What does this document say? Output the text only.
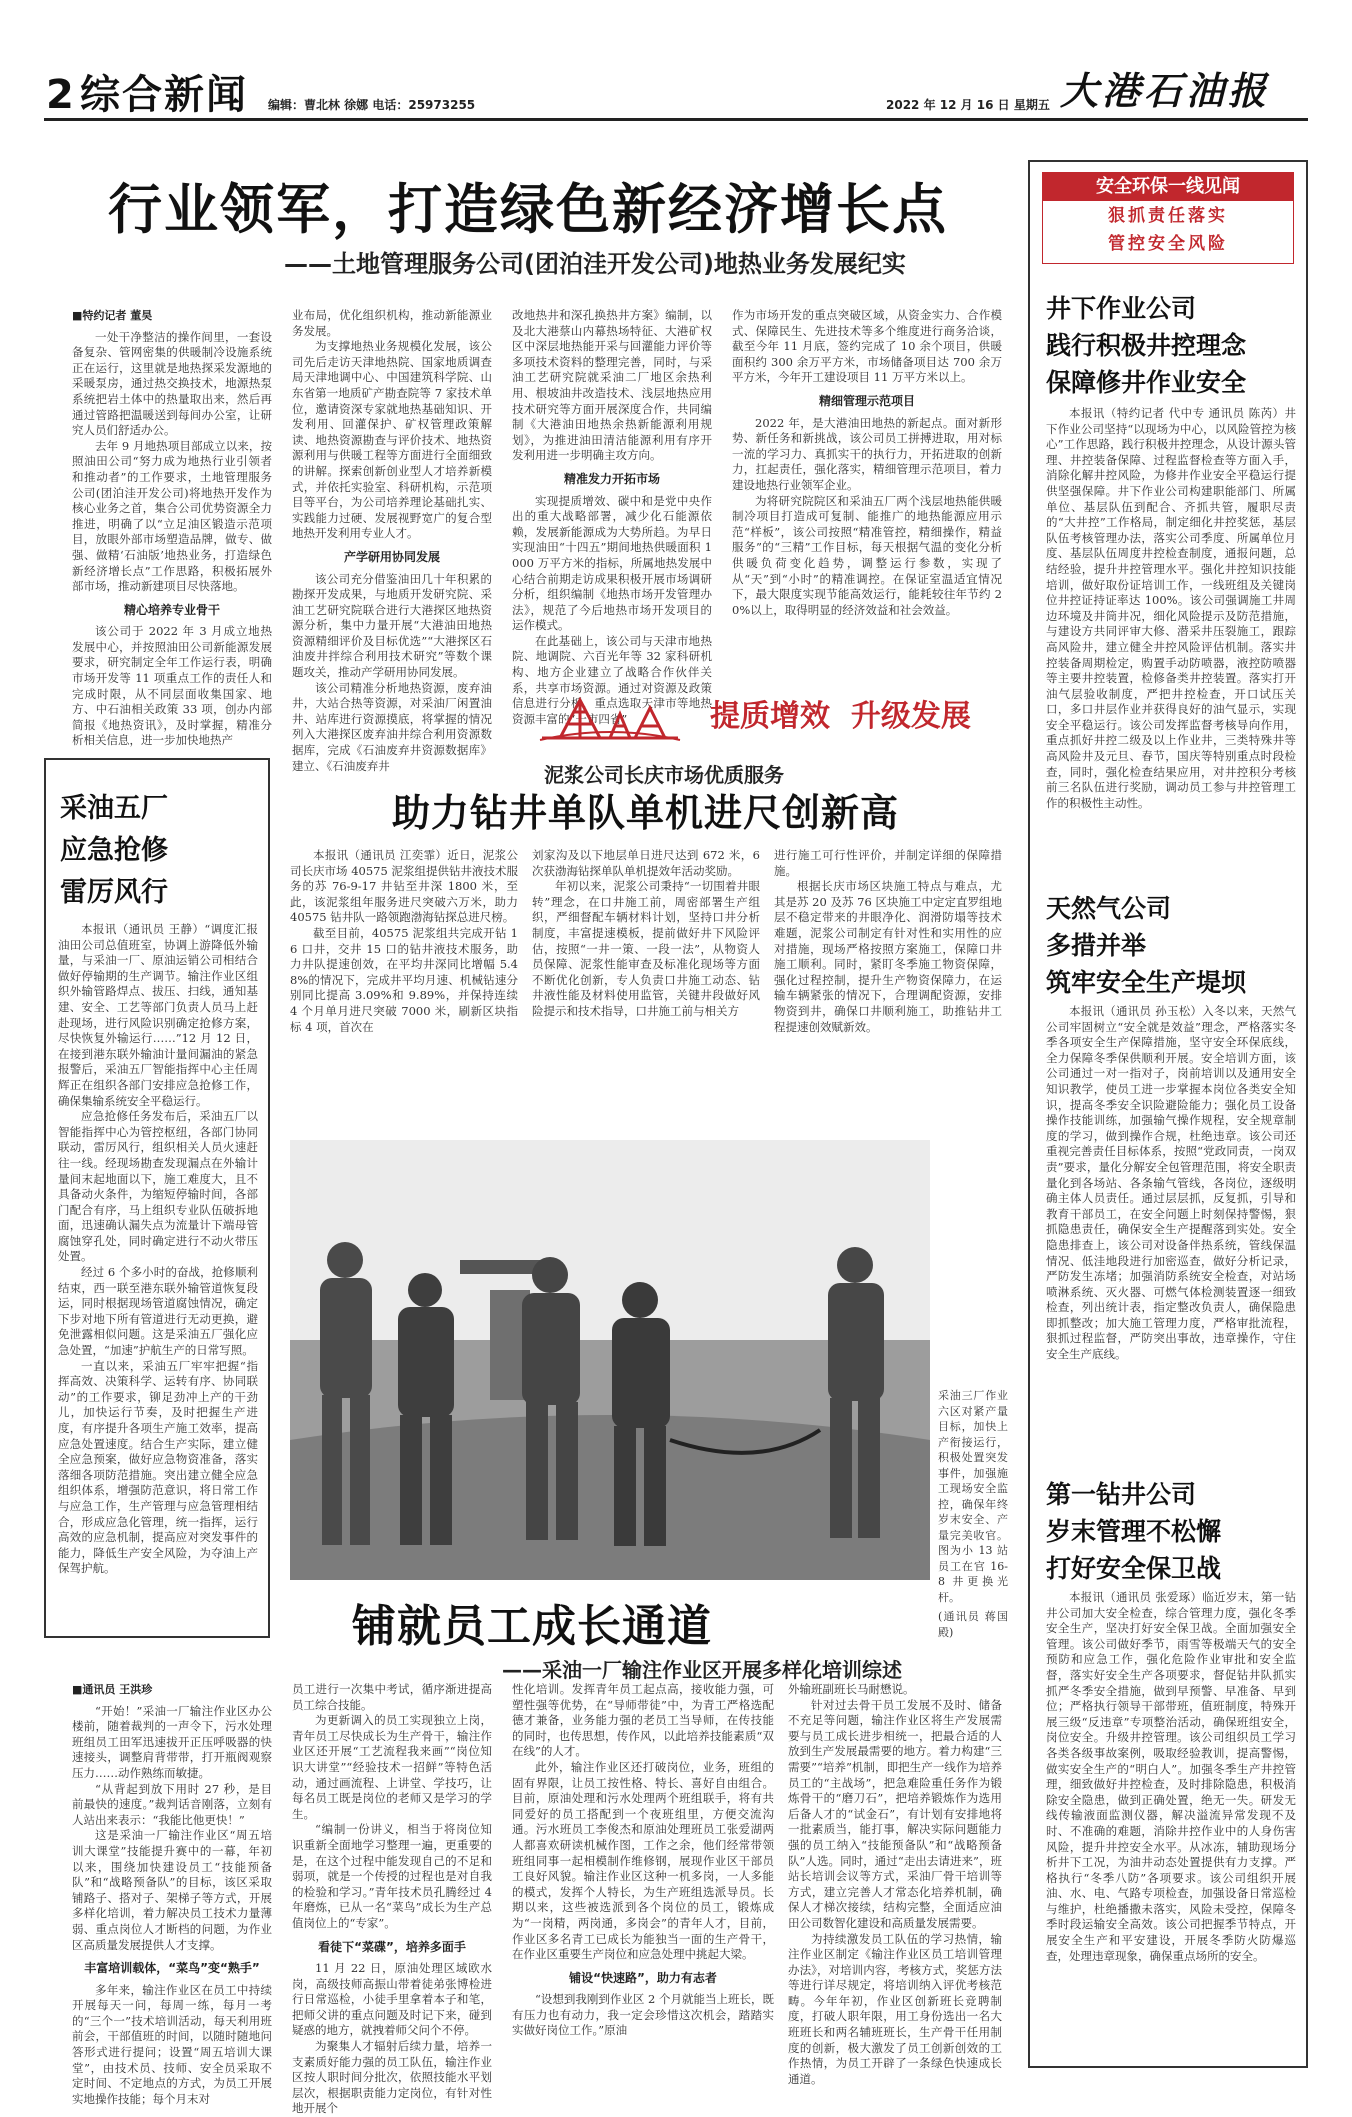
2 综合新闻 编辑：曹北林 徐娜 电话：25973255	2022 年 12 月 16 日 星期五 大港石油报
行业领军，打造绿色新经济增长点
——土地管理服务公司(团泊洼开发公司)地热业务发展纪实
■特约记者 董昊

一处干净整洁的操作间里，一套设备复杂、管网密集的供暖制冷设施系统正在运行，这里就是地热探采发源地的采暖泵房，通过热交换技术，地源热泵系统把岩土体中的热量取出来，然后再通过管路把温暖送到每间办公室，让研究人员们舒适办公。

去年 9 月地热项目部成立以来，按照油田公司“努力成为地热行业引领者和推动者”的工作要求，土地管理服务公司(团泊洼开发公司)将地热开发作为核心业务之首，集合公司优势资源全力推进，明确了以“立足油区锻造示范项目，放眼外部市场塑造品牌，做专、做强、做精‘石油版’地热业务，打造绿色新经济增长点”工作思路，积极拓展外部市场，推动新建项目尽快落地。

精心培养专业骨干

该公司于 2022 年 3 月成立地热发展中心，并按照油田公司新能源发展要求，研究制定全年工作运行表，明确市场开发等 11 项重点工作的责任人和完成时限，从不同层面收集国家、地方、中石油相关政策 33 项，创办内部简报《地热资讯》，及时掌握，精准分析相关信息，进一步加快地热产

业布局，优化组织机构，推动新能源业务发展。

为支撑地热业务规模化发展，该公司先后走访天津地热院、国家地质调查局天津地调中心、中国建筑科学院、山东省第一地质矿产勘查院等 7 家技术单位，邀请资深专家就地热基础知识、开发利用、回灌保护、矿权管理政策解读、地热资源勘查与评价技术、地热资源利用与供暖工程等方面进行全面细致的讲解。探索创新创业型人才培养新模式，并依托实验室、科研机构，示范项目等平台，为公司培养理论基础扎实、实践能力过硬、发展视野宽广的复合型地热开发利用专业人才。

产学研用协同发展

该公司充分借鉴油田几十年积累的勘探开发成果，与地质开发研究院、采油工艺研究院联合进行大港探区地热资源分析，集中力量开展“大港油田地热资源精细评价及目标优选”“大港探区石油废井拌综合利用技术研究”等数个课题攻关，推动产学研用协同发展。

该公司精准分析地热资源，废弃油井，大站合热等资源，对采油厂闲置油井、站库进行资源摸底，将掌握的情况列入大港探区废弃油井综合利用资源数据库，完成《石油废弃井资源数据库》建立、《石油废弃井

改地热井和深孔换热井方案》编制，以及北大港蔡山内幕热场特征、大港矿权区中深层地热能开采与回灌能力评价等多项技术资料的整理完善，同时，与采油工艺研究院就采油二厂地区余热利用、根坡油井改造技术、浅层地热应用技术研究等方面开展深度合作，共同编制《大港油田地热余热新能源利用规划》，为推进油田清洁能源利用有序开发利用进一步明确主攻方向。

精准发力开拓市场

实现提质增效、碳中和是党中央作出的重大战略部署，减少化石能源依赖，发展新能源成为大势所趋。为早日实现油田“十四五”期间地热供暖面积 1000 万平方米的指标，所属地热发展中心结合前期走访成果积极开展市场调研分析，组织编制《地热市场开发管理办法》，规范了今后地热市场开发项目的运作模式。

在此基础上，该公司与天津市地热院、地调院、六百光年等 32 家科研机构、地方企业建立了战略合作伙伴关系，共享市场资源。通过对资源及政策信息进行分析，重点选取天津市等地热资源丰富的“一市四省”

作为市场开发的重点突破区域，从资金实力、合作模式、保障民生、先进技术等多个维度进行商务洽谈，截至今年 11 月底，签约完成了 10 余个项目，供暖面积约 300 余万平方米，市场储备项目达 700 余万平方米，今年开工建设项目 11 万平方米以上。

精细管理示范项目

2022 年，是大港油田地热的新起点。面对新形势、新任务和新挑战，该公司员工拼搏进取，用对标一流的学习力、真抓实干的执行力，开拓进取的创新力，扛起责任，强化落实，精细管理示范项目，着力建设地热行业领军企业。

为将研究院院区和采油五厂两个浅层地热能供暖制冷项目打造成可复制、能推广的地热能源应用示范“样板”，该公司按照“精准管控，精细操作，精益服务”的“三精”工作目标，每天根据气温的变化分析供暖负荷变化趋势，调整运行参数，实现了从“天”到“小时”的精准调控。在保证室温适宜情况下，最大限度实现节能高效运行，能耗较往年节约 20%以上，取得明显的经济效益和社会效益。

提质增效  升级发展
采油五厂
应急抢修
雷厉风行

本报讯（通讯员 王静）“调度汇报油田公司总值班室，协调上游降低外输量，与采油一厂、原油运销公司相结合做好停输期的生产调节。输注作业区组织外输管路焊点、拔压、扫线，通知基建、安全、工艺等部门负责人员马上赶赴现场，进行风险识别确定抢修方案，尽快恢复外输运行……”12 月 12 日，在接到港东联外输油计量间漏油的紧急报警后，采油五厂智能指挥中心主任周辉正在组织各部门安排应急抢修工作，确保集输系统安全平稳运行。

应急抢修任务发布后，采油五厂以智能指挥中心为管控枢纽，各部门协同联动，雷厉风行，组织相关人员火速赶往一线。经现场勘查发现漏点在外输计量间末起地面以下，施工难度大，且不具备动火条件，为缩短停输时间，各部门配合有序，马上组织专业队伍破拆地面，迅速确认漏失点为流量计下端母管腐蚀穿孔处，同时确定进行不动火带压处置。

经过 6 个多小时的奋战，抢修顺利结束，西一联至港东联外输管道恢复段运，同时根据现场管道腐蚀情况，确定下步对地下所有管道进行无动更换，避免泄露相似问题。这是采油五厂强化应急处置，“加速”护航生产的日常写照。

一直以来，采油五厂牢牢把握“指挥高效、决策科学、运转有序、协同联动”的工作要求，铆足劲冲上产的干劲儿，加快运行节奏，及时把握生产进度，有序提升各项生产施工效率，提高应急处置速度。结合生产实际，建立健全应急预案，做好应急物资准备，落实落细各项防范措施。突出建立健全应急组织体系，增强防范意识，将日常工作与应急工作，生产管理与应急管理相结合，形成应急化管理，统一指挥，运行高效的应急机制，提高应对突发事件的能力，降低生产安全风险，为夺油上产保驾护航。

泥浆公司长庆市场优质服务
助力钻井单队单机进尺创新高

本报讯（通讯员 江奕霏）近日，泥浆公司长庆市场 40575 泥浆组提供钻井液技术服务的苏 76-9-17 井钻至井深 1800 米，至此，该泥浆组年服务进尺突破六万米，助力 40575 钻井队一路领跑渤海钻探总进尺榜。

截至目前，40575 泥浆组共完成开钻 16 口井，交井 15 口的钻井液技术服务，助力井队提速创效，在平均井深同比增幅 5.48%的情况下，完成井平均月速、机械钻速分别同比提高 3.09%和 9.89%，并保持连续 4 个月单月进尺突破 7000 米，刷新区块指标 4 项，首次在

刘家沟及以下地层单日进尺达到 672 米，6 次获渤海钻探单队单机提效年活动奖励。

年初以来，泥浆公司秉持“一切围着井眼转”理念，在口井施工前，周密部署生产组织，严细督配车辆材料计划，坚持口井分析制度，丰富提速模板，提前做好井下风险评估，按照“一井一策、一段一法”，从物资人员保障、泥浆性能审查及标准化现场等方面不断优化创新，专人负责口井施工动态、钻井液性能及材料使用监管，关键井段做好风险提示和技术指导，口井施工前与相关方

进行施工可行性评价，并制定详细的保障措施。

根据长庆市场区块施工特点与难点，尤其是苏 20 及苏 76 区块施工中定定直罗组地层不稳定带来的井眼净化、润滑防塌等技术难题，泥浆公司制定有针对性和实用性的应对措施，现场严格按照方案施工，保障口井施工顺利。同时，紧盯冬季施工物资保障，强化过程控制，提升生产物资保障力，在运输车辆紧张的情况下，合理调配资源，安排物资到井，确保口井顺利施工，助推钻井工程提速创效赋新效。

采油三厂作业六区对紧产量目标，加快上产衔接运行，积极处置突发事件，加强施工现场安全监控，确保年终岁末安全、产量完美收官。图为小 13 站员工在官 16-8 井更换光杆。
(通讯员 蒋国殿)
铺就员工成长通道
——采油一厂输注作业区开展多样化培训综述
■通讯员 王洪珍

“开始！”采油一厂输注作业区办公楼前，随着裁判的一声令下，污水处理班组员工田军迅速拔开正压呼吸器的快速接头，调整肩背带带，打开瓶阀观察压力……动作熟练而敏捷。

“从背起到放下用时 27 秒，是目前最快的速度。”裁判话音刚落，立刻有人站出来表示：“我能比他更快！”

这是采油一厂输注作业区“周五培训大课堂”技能提升赛中的一幕，年初以来，围绕加快建设员工“技能预备队”和“战略预备队”的目标，该区采取铺路子、搭对子、架梯子等方式，开展多样化培训，着力解决员工技术力量薄弱、重点岗位人才断档的问题，为作业区高质量发展提供人才支撑。

丰富培训载体，“菜鸟”变“熟手”

多年来，输注作业区在员工中持续开展每天一问，每周一练，每月一考的“三个一”技术培训活动，每天利用班前会，干部值班的时间，以随时随地问答形式进行提问；设置“周五培训大课堂”，由技术员、技师、安全员采取不定时间、不定地点的方式，为员工开展实地操作技能；每个月末对

员工进行一次集中考试，循序渐进提高员工综合技能。

为更新调入的员工实现独立上岗，青年员工尽快成长为生产骨干，输注作业区还开展“工艺流程我来画”“岗位知识大讲堂”“经验技术一招鲜”等特色活动，通过画流程、上讲堂、学技巧，让每名员工既是岗位的老师又是学习的学生。

“编制一份讲义，相当于将岗位知识重新全面地学习整理一遍，更重要的是，在这个过程中能发现自己的不足和弱项，就是一个传授的过程也是对自我的检验和学习。”青年技术员孔腾经过 4 年磨炼，已从一名“菜鸟”成长为生产总值岗位上的“专家”。

看徒下“菜碟”，培养多面手

11 月 22 日，原油处理区域欧水岗，高级技师高振山带着徒弟张博检进行日常巡检，小徒手里拿着本子和笔，把师父讲的重点问题及时记下来，碰到疑惑的地方，就拽着师父问个不停。

为聚集人才辐射后续力量，培养一支素质好能力强的员工队伍，输注作业区按人职时间分批次，依照技能水平划层次，根据职责能力定岗位，有针对性地开展个

性化培训。发挥青年员工起点高，接收能力强，可塑性强等优势，在“导师带徒”中，为青工严格选配德才兼备，业务能力强的老员工当导师，在传技能的同时，也传思想，传作风，以此培养技能素质“双在线”的人才。

此外，输注作业区还打破岗位，业务，班组的固有界限，让员工按性格、特长、喜好自由组合。目前，原油处理和污水处理两个班组联手，将有共同爱好的员工搭配到一个夜班组里，方便交流沟通。污水班员工李俊杰和原油处理班员工张爱湖两人都喜欢研读机械作图，工作之余，他们经常带领班组同事一起相模制作维修钢，展现作业区干部员工良好风貌。输注作业区这种一机多岗，一人多能的模式，发挥个人特长，为生产班组选派导员。长期以来，这些被选派到各个岗位的员工，锻炼成为“一岗精，两岗通，多岗会”的青年人才，目前，作业区多名青工已成长为能独当一面的生产骨干，在作业区重要生产岗位和应急处理中挑起大梁。

铺设“快速路”，助力有志者

“设想到我刚到作业区 2 个月就能当上班长，既有压力也有动力，我一定会珍惜这次机会，踏踏实实做好岗位工作。”原油

外输班副班长马耐懋说。

针对过去骨干员工发展不及时、储备不充足等问题，输注作业区将生产发展需要与员工成长进步相统一，把最合适的人放到生产发展最需要的地方。着力构建“三需要”“培养”机制，即把生产一线作为培养员工的“主战场”，把急难险重任务作为锻炼骨干的“磨刀石”，把培养锻炼作为选用后备人才的“试金石”，有计划有安排地将一批素质当，能打事，解决实际问题能力强的员工纳入“技能预备队”和“战略预备队”人选。同时，通过“走出去请进来”，班站长培训会议等方式，采油厂骨干培训等方式，建立完善人才常态化培养机制，确保人才梯次接续，结构完整，全面适应油田公司数智化建设和高质量发展需要。

为持续激发员工队伍的学习热情，输注作业区制定《输注作业区员工培训管理办法》，对培训内容，考核方式，奖惩方法等进行详尽规定，将培训纳入评优考核范畴。今年年初，作业区创新班长竞聘制度，打破人职年限，用工身份选出一名大班班长和两名辅班班长，生产骨干任用制度的创新，极大激发了员工创新创效的工作热情，为员工开辟了一条绿色快速成长通道。

安全环保一线见闻
狠抓责任落实
管控安全风险
井下作业公司
践行积极井控理念
保障修井作业安全

本报讯（特约记者 代中专 通讯员 陈芮）井下作业公司坚持“以现场为中心，以风险管控为核心”工作思路，践行积极井控理念，从设计源头管理、井控装备保障、过程监督检查等方面入手，消除化解井控风险，为修井作业安全平稳运行提供坚强保障。井下作业公司构建职能部门、所属单位、基层队伍到配合、齐抓共管，履职尽责的“大井控”工作格局，制定细化井控奖惩，基层队伍考核管理办法，落实公司季度、所属单位月度、基层队伍周度井控检查制度，通报问题，总结经验，提升井控管理水平。强化井控知识技能培训，做好取份证培训工作，一线班组及关键岗位井控证持证率达 100%。该公司强调施工井周边环境及井筒井况，细化风险提示及防范措施，与建设方共同评审大修、潜采井压裂施工，跟踪高风险井，建立健全井控风险评估机制。落实井控装备周期检定，购置手动防喷器，液控防喷器等主要井控装置，检修备类井控装置。落实打开油气层验收制度，严把井控检查，开口试压关口，多口井层作业并获得良好的油气显示，实现安全平稳运行。该公司发挥监督考核导向作用，重点抓好井控二级及以上作业井，三类特殊井等高风险井及元旦、春节，国庆等特别重点时段检查，同时，强化检查结果应用，对井控积分考核前三名队伍进行奖励，调动员工参与井控管理工作的积极性主动性。

天然气公司
多措并举
筑牢安全生产堤坝

本报讯（通讯员 孙玉松）入冬以来，天然气公司牢固树立“安全就是效益”理念，严格落实冬季各项安全生产保障措施，坚守安全环保底线，全力保障冬季保供顺利开展。安全培训方面，该公司通过一对一指对子，岗前培训以及通用安全知识教学，使员工进一步掌握本岗位各类安全知识，提高冬季安全识险避险能力；强化员工设备操作技能训练，加强输气操作规程，安全规章制度的学习，做到操作合规，杜绝违章。该公司还重视完善责任目标体系，按照“党政同责，一岗双责”要求，量化分解安全包管理范围，将安全职责量化到各场站、各条输气管线，各岗位，逐级明确主体人员责任。通过层层抓，反复抓，引导和教育干部员工，在安全问题上时刻保持警惕，狠抓隐患责任，确保安全生产提醒落到实处。安全隐患排查上，该公司对设备伴热系统，管线保温情况、低洼地段进行加密巡查，做好分析记录，严防发生冻堵；加强消防系统安全检查，对站场喷淋系统、灭火器、可燃气体检测装置逐一细致检查，列出统计表，指定整改负责人，确保隐患即抓整改；加大施工管理力度，严格审批流程，狠抓过程监督，严防突出事故，违章操作，守住安全生产底线。

第一钻井公司
岁末管理不松懈
打好安全保卫战

本报讯（通讯员 张爱琢）临近岁末，第一钻井公司加大安全检查，综合管理力度，强化冬季安全生产，坚决打好安全保卫战。全面加强安全管理。该公司做好季节，雨雪等极端天气的安全预防和应急工作，强化危险作业审批和安全监督，落实好安全生产各项要求，督促钻井队抓实抓严冬季安全措施，做到早预警、早准备、早到位；严格执行领导干部带班，值班制度，特殊开展三级“反违章”专项整治活动，确保班组安全，岗位安全。升级井控管理。该公司组织员工学习各类各级事故案例，吸取经验教训，提高警惕，做实安全生产的“明白人”。加强冬季生产井控管理，细致做好井控检查，及时排除隐患，积极消除安全隐患，做到正确处置，绝无一失。研发无线传输液面监测仪器，解决溢流异常发现不及时、不准确的难题，消除井控作业中的人身伤害风险，提升井控安全水平。从冰冻，辅助现场分析井下工况，为油井动态处置提供有力支撑。严格执行“冬季八防”各项要求。该公司组织开展油、水、电、气路专项检查，加强设备日常巡检与维护，杜绝播撒未落实，风险未受控，保障冬季时段运输安全高效。该公司把握季节特点，开展安全生产和平安建设，开展冬季防火防爆巡查，处理违章现象，确保重点场所的安全。
